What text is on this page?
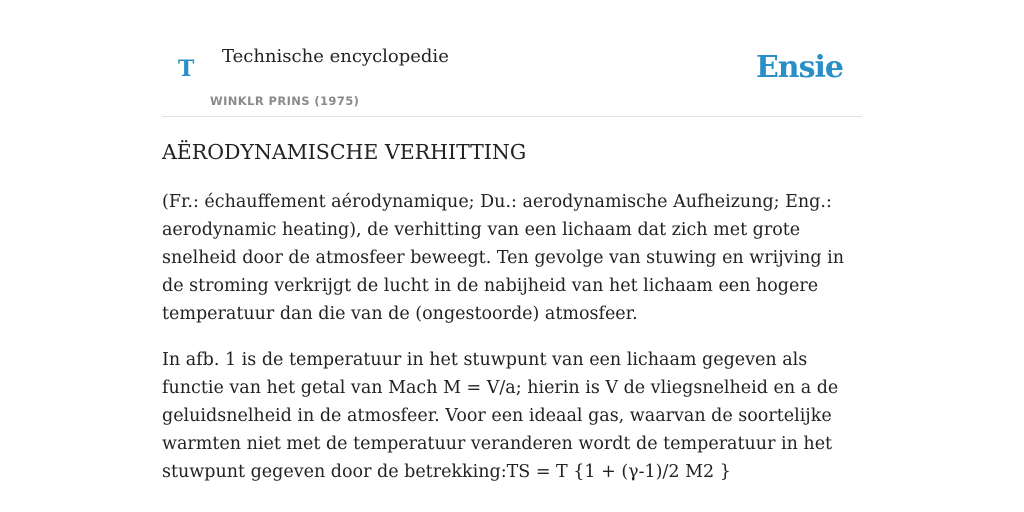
T Technische encyclopedie
WINKLR PRINS (1975)
Ensie
AËRODYNAMISCHE VERHITTING

(Fr.: échauffement aérodynamique; Du.: aerodynamische Aufheizung; Eng.: aerodynamic heating), de verhitting van een lichaam dat zich met grote snelheid door de atmosfeer beweegt. Ten gevolge van stuwing en wrijving in de stroming verkrijgt de lucht in de nabijheid van het lichaam een hogere temperatuur dan die van de (ongestoorde) atmosfeer.

In afb. 1 is de temperatuur in het stuwpunt van een lichaam gegeven als functie van het getal van Mach M = V/a; hierin is V de vliegsnelheid en a de geluidsnelheid in de atmosfeer. Voor een ideaal gas, waarvan de soortelijke warmten niet met de temperatuur veranderen wordt de temperatuur in het stuwpunt gegeven door de betrekking:TS = T {1 + (γ-1)/2 M2 }
